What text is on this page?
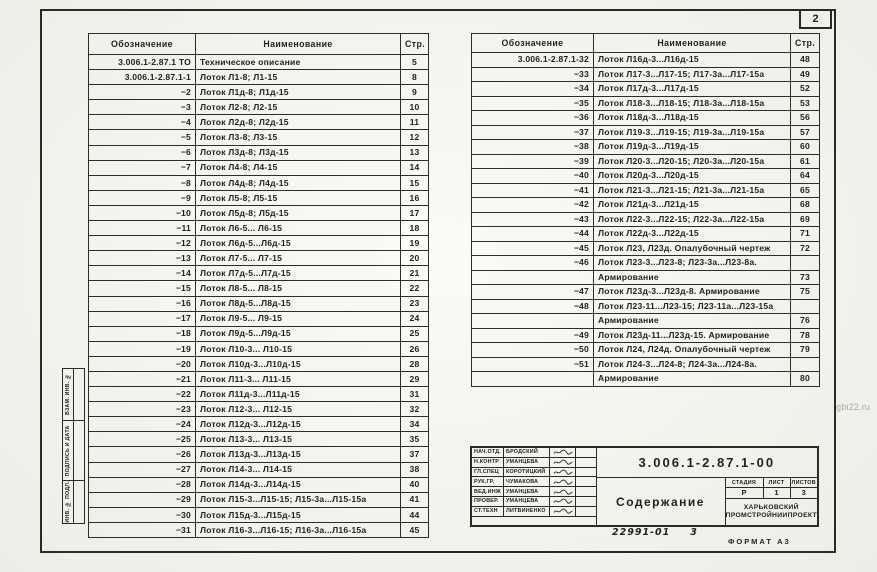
2
ВЗАМ. ИНВ. №
ПОДПИСЬ И ДАТА
ИНВ. № ПОДЛ.
Обозначение	Наименование	Стр.
3.006.1-2.87.1 ТО	Техническое описание	5
3.006.1-2.87.1-1	Лоток Л1-8; Л1-15	8
−2	Лоток Л1д-8; Л1д-15	9
−3	Лоток Л2-8; Л2-15	10
−4	Лоток Л2д-8; Л2д-15	11
−5	Лоток Л3-8; Л3-15	12
−6	Лоток Л3д-8; Л3д-15	13
−7	Лоток Л4-8; Л4-15	14
−8	Лоток Л4д-8; Л4д-15	15
−9	Лоток Л5-8; Л5-15	16
−10	Лоток Л5д-8; Л5д-15	17
−11	Лоток Л6-5... Л6-15	18
−12	Лоток Л6д-5...Л6д-15	19
−13	Лоток Л7-5... Л7-15	20
−14	Лоток Л7д-5...Л7д-15	21
−15	Лоток Л8-5... Л8-15	22
−16	Лоток Л8д-5...Л8д-15	23
−17	Лоток Л9-5... Л9-15	24
−18	Лоток Л9д-5...Л9д-15	25
−19	Лоток Л10-3... Л10-15	26
−20	Лоток Л10д-3...Л10д-15	28
−21	Лоток Л11-3... Л11-15	29
−22	Лоток Л11д-3...Л11д-15	31
−23	Лоток Л12-3... Л12-15	32
−24	Лоток Л12д-3...Л12д-15	34
−25	Лоток Л13-3... Л13-15	35
−26	Лоток Л13д-3...Л13д-15	37
−27	Лоток Л14-3... Л14-15	38
−28	Лоток Л14д-3...Л14д-15	40
−29	Лоток Л15-3...Л15-15; Л15-3а...Л15-15а	41
−30	Лоток Л15д-3...Л15д-15	44
−31	Лоток Л16-3...Л16-15; Л16-3а...Л16-15а	45
Обозначение	Наименование	Стр.
3.006.1-2.87.1-32	Лоток Л16д-3...Л16д-15	48
−33	Лоток Л17-3...Л17-15; Л17-3а...Л17-15а	49
−34	Лоток Л17д-3...Л17д-15	52
−35	Лоток Л18-3...Л18-15; Л18-3а...Л18-15а	53
−36	Лоток Л18д-3...Л18д-15	56
−37	Лоток Л19-3...Л19-15; Л19-3а...Л19-15а	57
−38	Лоток Л19д-3...Л19д-15	60
−39	Лоток Л20-3...Л20-15; Л20-3а...Л20-15а	61
−40	Лоток Л20д-3...Л20д-15	64
−41	Лоток Л21-3...Л21-15; Л21-3а...Л21-15а	65
−42	Лоток Л21д-3...Л21д-15	68
−43	Лоток Л22-3...Л22-15; Л22-3а...Л22-15а	69
−44	Лоток Л22д-3...Л22д-15	71
−45	Лоток Л23, Л23д. Опалубочный чертеж	72
−46	Лоток Л23-3...Л23-8; Л23-3а...Л23-8а.	
	Армирование	73
−47	Лоток Л23д-3...Л23д-8. Армирование	75
−48	Лоток Л23-11...Л23-15; Л23-11а...Л23-15а	
	Армирование	76
−49	Лоток Л23д-11...Л23д-15. Армирование	78
−50	Лоток Л24, Л24д. Опалубочный чертеж	79
−51	Лоток Л24-3...Л24-8; Л24-3а...Л24-8а.	
	Армирование	80
НАЧ.ОТД. БРОДСКИЙ
Н.КОНТР	УМАНЦЕВА
ГЛ.СПЕЦ	КОРОТИЦКИЙ
РУК.ГР.	ЧУМАКОВА
ВЕД.ИНЖ УМАНЦЕВА
ПРОВЕР.	УМАНЦЕВА
СТ.ТЕХН	ЛИТВИНЕНКО
3.006.1-2.87.1-00
Содержание
СТАДИЯ	ЛИСТ	ЛИСТОВ
Р	1	3
ХАРЬКОВСКИЙ
ПРОМСТРОЙНИИПРОЕКТ
22991-01 3
ФОРМАТ А3
gbi22.ru
